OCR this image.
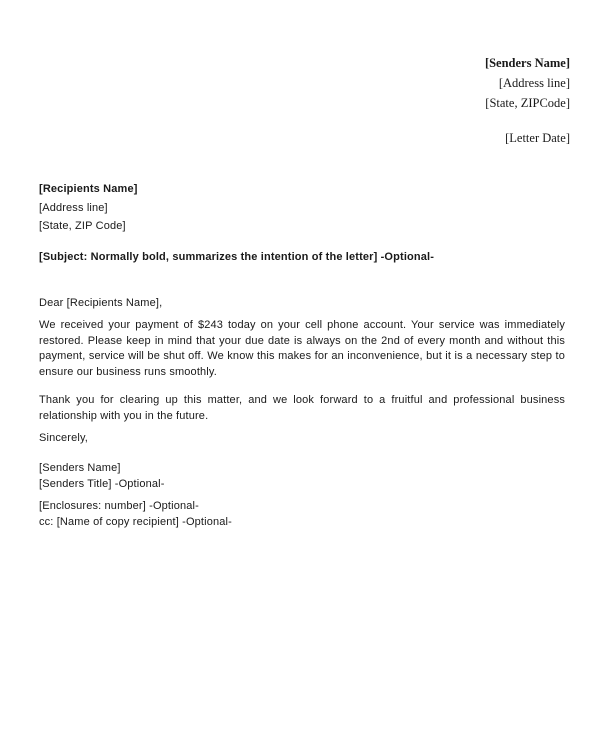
[Senders Name]
[Address line]
[State, ZIPCode]
[Letter Date]
[Recipients Name]
[Address line]
[State, ZIP Code]
[Subject: Normally bold, summarizes the intention of the letter] -Optional-
Dear [Recipients Name],
We received your payment of $243 today on your cell phone account. Your service was immediately restored. Please keep in mind that your due date is always on the 2nd of every month and without this payment, service will be shut off. We know this makes for an inconvenience, but it is a necessary step to ensure our business runs smoothly.
Thank you for clearing up this matter, and we look forward to a fruitful and professional business relationship with you in the future.
Sincerely,
[Senders Name]
[Senders Title] -Optional-
[Enclosures: number] -Optional-
cc: [Name of copy recipient] -Optional-
